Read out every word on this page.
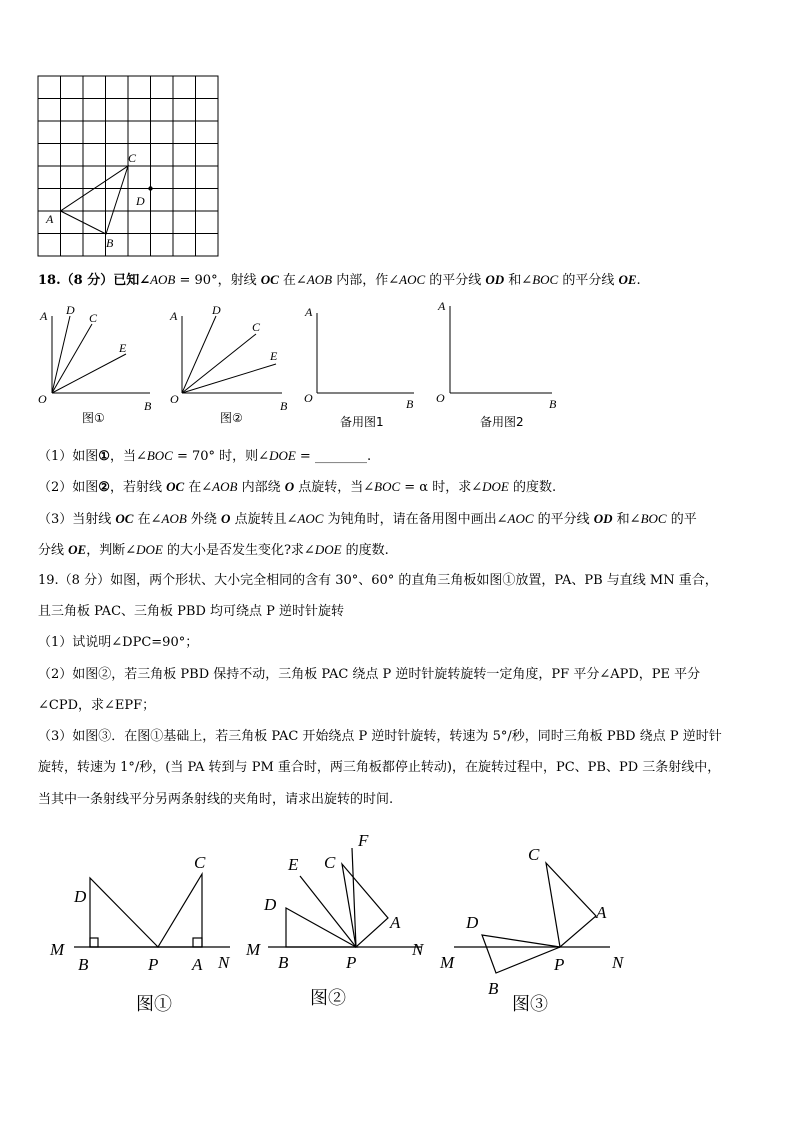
C
D
A
B
18.（8 分）已知∠AOB = 90°，射线 OC 在∠AOB 内部，作∠AOC 的平分线 OD 和∠BOC 的平分线 OE.
A D
C
E
O	B
图①
A	D
C
E
O	B
图②
A
O	B
备用图1
A
O	B
备用图2
（1）如图①，当∠BOC = 70° 时，则∠DOE = ________.
（2）如图②，若射线 OC 在∠AOB 内部绕 O 点旋转，当∠BOC = α 时，求∠DOE 的度数.
（3）当射线 OC 在∠AOB 外绕 O 点旋转且∠AOC 为钝角时，请在备用图中画出∠AOC 的平分线 OD 和∠BOC 的平
分线 OE，判断∠DOE 的大小是否发生变化?求∠DOE 的度数.
19.（8 分）如图，两个形状、大小完全相同的含有 30°、60° 的直角三角板如图①放置，PA、PB 与直线 MN 重合，
且三角板 PAC、三角板 PBD 均可绕点 P 逆时针旋转
（1）试说明∠DPC=90°；
（2）如图②，若三角板 PBD 保持不动，三角板 PAC 绕点 P 逆时针旋转旋转一定角度，PF 平分∠APD，PE 平分
∠CPD，求∠EPF；
（3）如图③．在图①基础上，若三角板 PAC 开始绕点 P 逆时针旋转，转速为 5°/秒，同时三角板 PBD 绕点 P 逆时针
旋转，转速为 1°/秒，(当 PA 转到与 PM 重合时，两三角板都停止转动)，在旋转过程中，PC、PB、PD 三条射线中，
当其中一条射线平分另两条射线的夹角时，请求出旋转的时间.
D
C
M
B	P A N
D
E C
F
A
M
B	P
N
D
C
A
M
B
P	N
图①	图②	图③
